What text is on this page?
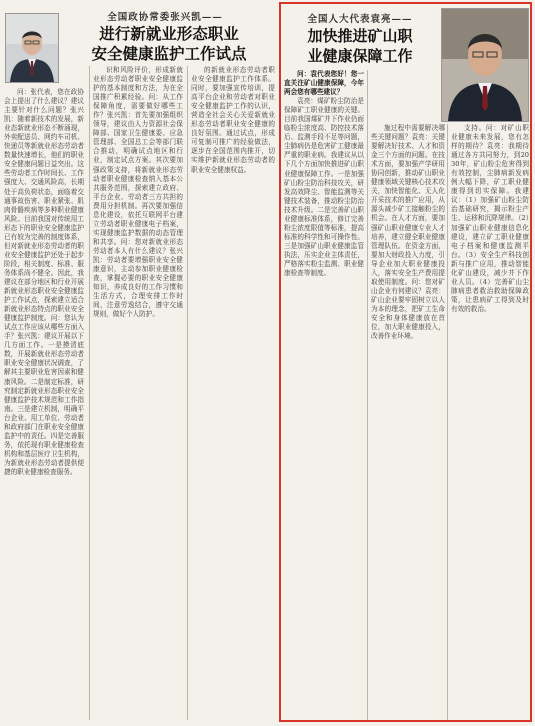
全国政协常委张兴凯——
进行新就业形态职业
安全健康监护工作试点

问：张代表，您在政协会上提出了什么建议？建议主要针对什么问题？张兴凯：随着新技术的发展，新业态新就业形态不断涌现，外卖配送员、网约车司机、快递员等新就业形态劳动者数量快速增长，他们的职业安全健康问题日益突出。这些劳动者工作时间长、工作强度大、交通风险高，长期处于高负荷状态，面临着交通事故伤害、职业紧张、肌肉骨骼疾病等多种职业健康风险。目前我国对传统用工形态下的职业安全健康监护已有较为完善的制度体系，但对新就业形态劳动者的职业安全健康监护还处于起步阶段，相关制度、标准、服务体系尚不健全。因此，我建议在部分地区和行业开展新就业形态职业安全健康监护工作试点，探索建立适合新就业形态特点的职业安全健康监护制度。问：您认为试点工作应该从哪些方面入手？张兴凯：建议开展以下几方面工作。一是摸清底数，开展新就业形态劳动者职业安全健康状况调查，了解其主要职业危害因素和健康风险。二是制定标准，研究制定新就业形态职业安全健康监护技术规范和工作指南。三是建立机制，明确平台企业、用工单位、劳动者和政府部门在职业安全健康监护中的责任。四是完善服务，依托现有职业健康检查机构和基层医疗卫生机构，为新就业形态劳动者提供便捷的职业健康检查服务。

识和风险评价，形成新就业形态劳动者职业安全健康监护的基本制度和方法，为在全国推广积累经验。问：从工作保障角度，需要做好哪些工作？张兴凯：首先要加强组织领导，建议由人力资源社会保障部、国家卫生健康委、应急管理部、全国总工会等部门联合推动，明确试点地区和行业，制定试点方案。其次要加强政策支持，将新就业形态劳动者职业健康检查纳入基本公共服务范围，探索建立政府、平台企业、劳动者三方共担的费用分担机制。再次要加强信息化建设，依托互联网平台建立劳动者职业健康电子档案，实现健康监护数据的动态管理和共享。问：您对新就业形态劳动者本人有什么建议？张兴凯：劳动者要增强职业安全健康意识，主动参加职业健康检查，掌握必要的职业安全健康知识，养成良好的工作习惯和生活方式，合理安排工作时间，注意劳逸结合，遵守交通规则，做好个人防护。

的新就业形态劳动者职业安全健康监护工作体系。同时，要加强宣传培训，提高平台企业和劳动者对职业安全健康监护工作的认识，营造全社会关心关爱新就业形态劳动者职业安全健康的良好氛围。通过试点，形成可复制可推广的经验做法，逐步在全国范围内推开，切实维护新就业形态劳动者的职业安全健康权益。

全国人大代表袁亮——
加快推进矿山职
业健康保障工作

问：袁代表您好！您一直关注矿山健康保障，今年两会您有哪些建议？

袁亮：煤矿粉尘防治是保障矿工职业健康的关键。目前我国煤矿井下作业仍面临粉尘浓度高、防控技术落后、监测手段不足等问题，尘肺病仍是危害矿工健康最严重的职业病。我建议从以下几个方面加快推进矿山职业健康保障工作。一是加强矿山粉尘防治科技攻关，研发高效降尘、智能监测等关键技术装备，推动粉尘防治技术升级。二是完善矿山职业健康标准体系，修订完善粉尘浓度限值等标准，提高标准的科学性和可操作性。三是加强矿山职业健康监管执法，压实企业主体责任，严格落实粉尘监测、职业健康检查等制度。

施过程中需要解决哪些关键问题？袁亮：关键要解决好技术、人才和资金三个方面的问题。在技术方面，要加强产学研用协同创新，推动矿山职业健康领域关键核心技术攻关，加快智能化、无人化开采技术的推广应用，从源头减少矿工接触粉尘的机会。在人才方面，要加强矿山职业健康专业人才培养，建立健全职业健康管理队伍。在资金方面，要加大财政投入力度，引导企业加大职业健康投入，落实安全生产费用提取使用制度。问：您对矿山企业有何建议？袁亮：矿山企业要牢固树立以人为本的理念，把矿工生命安全和身体健康放在首位，加大职业健康投入，改善作业环境。

支持。问：对矿山职业健康未来发展，您有怎样的期待？袁亮：我期待通过各方共同努力，到2030年，矿山粉尘危害得到有效控制，尘肺病新发病例大幅下降，矿工职业健康得到切实保障。我建议：（1）加强矿山粉尘防治基础研究，揭示粉尘产生、运移和沉降规律。（2）加强矿山职业健康信息化建设，建立矿工职业健康电子档案和健康监测平台。（3）安全生产科技创新与推广应用，推动智能化矿山建设，减少井下作业人员。（4）完善矿山尘肺病患者救治救助保障政策，让患病矿工得到及时有效的救治。
